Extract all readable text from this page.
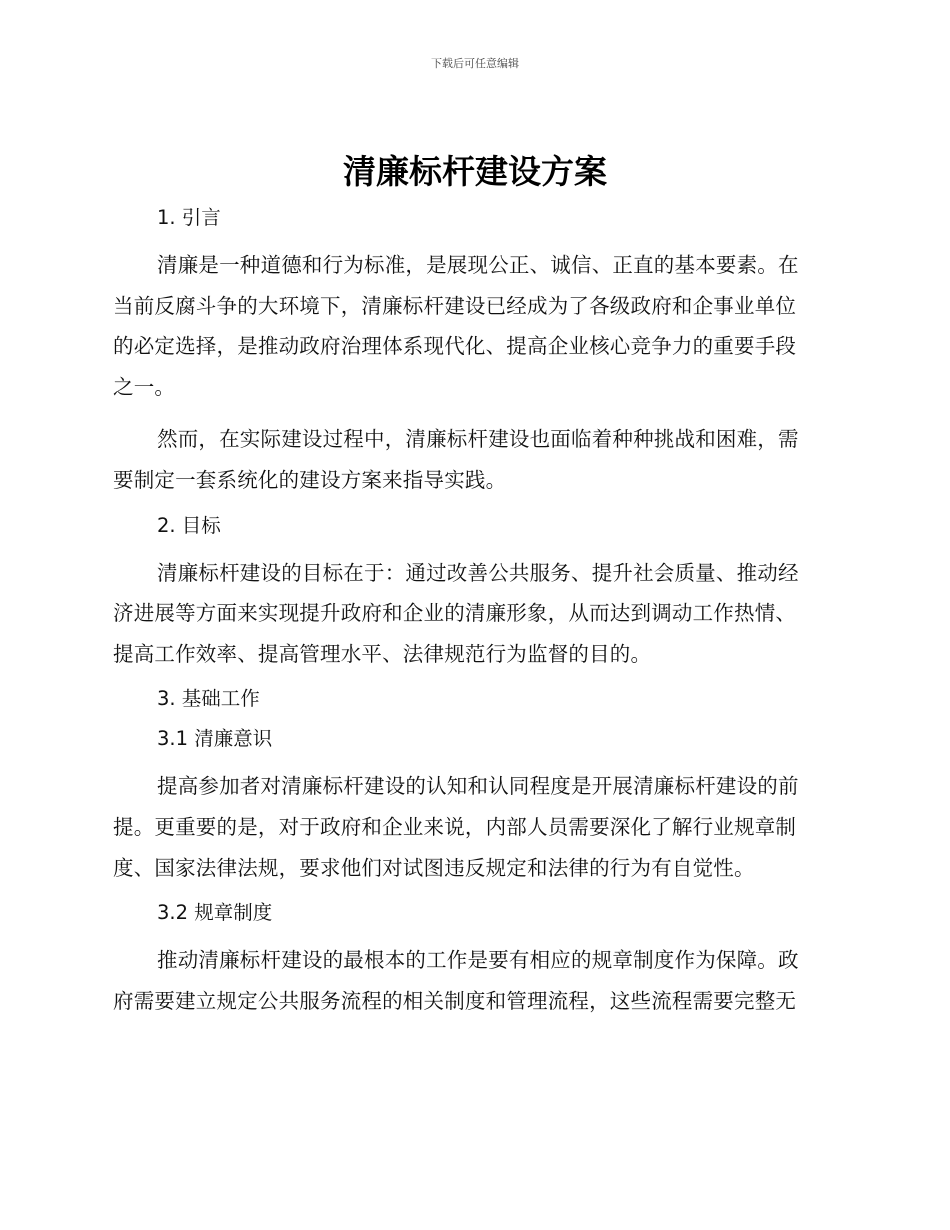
下载后可任意编辑
清廉标杆建设方案
1. 引言
清廉是一种道德和行为标准，是展现公正、诚信、正直的基本要素。在
当前反腐斗争的大环境下，清廉标杆建设已经成为了各级政府和企事业单位
的必定选择，是推动政府治理体系现代化、提高企业核心竞争力的重要手段
之一。
然而，在实际建设过程中，清廉标杆建设也面临着种种挑战和困难，需
要制定一套系统化的建设方案来指导实践。
2. 目标
清廉标杆建设的目标在于：通过改善公共服务、提升社会质量、推动经
济进展等方面来实现提升政府和企业的清廉形象，从而达到调动工作热情、
提高工作效率、提高管理水平、法律规范行为监督的目的。
3. 基础工作
3.1 清廉意识
提高参加者对清廉标杆建设的认知和认同程度是开展清廉标杆建设的前
提。更重要的是，对于政府和企业来说，内部人员需要深化了解行业规章制
度、国家法律法规，要求他们对试图违反规定和法律的行为有自觉性。
3.2 规章制度
推动清廉标杆建设的最根本的工作是要有相应的规章制度作为保障。政
府需要建立规定公共服务流程的相关制度和管理流程，这些流程需要完整无
